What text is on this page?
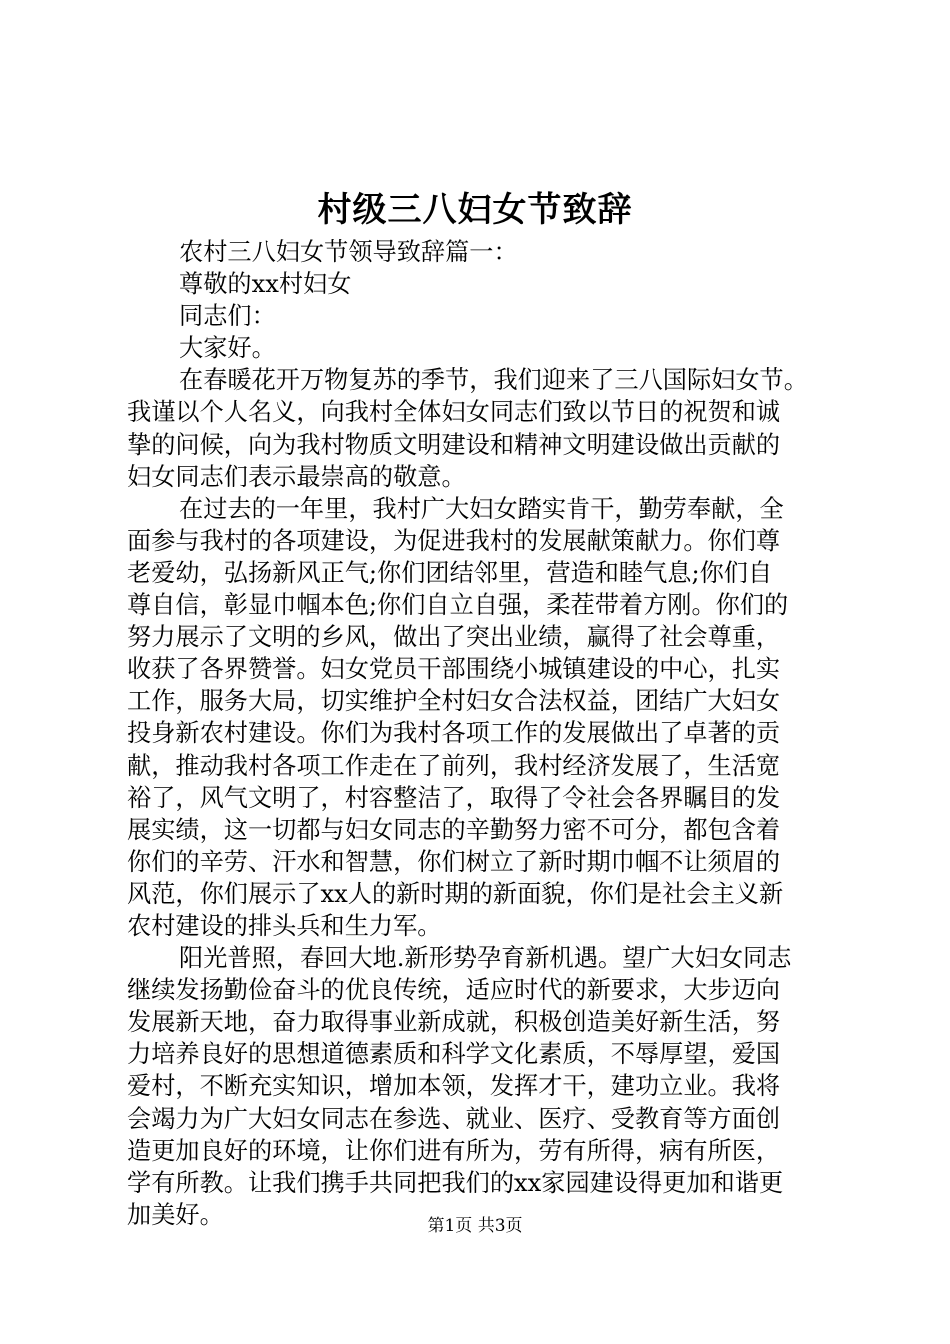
村级三八妇女节致辞
农村三八妇女节领导致辞篇一：
尊敬的xx村妇女
同志们：
大家好。
在春暖花开万物复苏的季节，我们迎来了三八国际妇女节。
我谨以个人名义，向我村全体妇女同志们致以节日的祝贺和诚
挚的问候，向为我村物质文明建设和精神文明建设做出贡献的
妇女同志们表示最崇高的敬意。
在过去的一年里，我村广大妇女踏实肯干，勤劳奉献，全
面参与我村的各项建设，为促进我村的发展献策献力。你们尊
老爱幼，弘扬新风正气;你们团结邻里，营造和睦气息;你们自
尊自信，彰显巾帼本色;你们自立自强，柔茬带着方刚。你们的
努力展示了文明的乡风，做出了突出业绩，赢得了社会尊重，
收获了各界赞誉。妇女党员干部围绕小城镇建设的中心，扎实
工作，服务大局，切实维护全村妇女合法权益，团结广大妇女
投身新农村建设。你们为我村各项工作的发展做出了卓著的贡
献，推动我村各项工作走在了前列，我村经济发展了，生活宽
裕了，风气文明了，村容整洁了，取得了令社会各界瞩目的发
展实绩，这一切都与妇女同志的辛勤努力密不可分，都包含着
你们的辛劳、汗水和智慧，你们树立了新时期巾帼不让须眉的
风范，你们展示了xx人的新时期的新面貌，你们是社会主义新
农村建设的排头兵和生力军。
阳光普照，春回大地.新形势孕育新机遇。望广大妇女同志
继续发扬勤俭奋斗的优良传统，适应时代的新要求，大步迈向
发展新天地，奋力取得事业新成就，积极创造美好新生活，努
力培养良好的思想道德素质和科学文化素质，不辱厚望，爱国
爱村，不断充实知识，增加本领，发挥才干，建功立业。我将
会竭力为广大妇女同志在参选、就业、医疗、受教育等方面创
造更加良好的环境，让你们进有所为，劳有所得，病有所医，
学有所教。让我们携手共同把我们的xx家园建设得更加和谐更
加美好。	第1页 共3页
